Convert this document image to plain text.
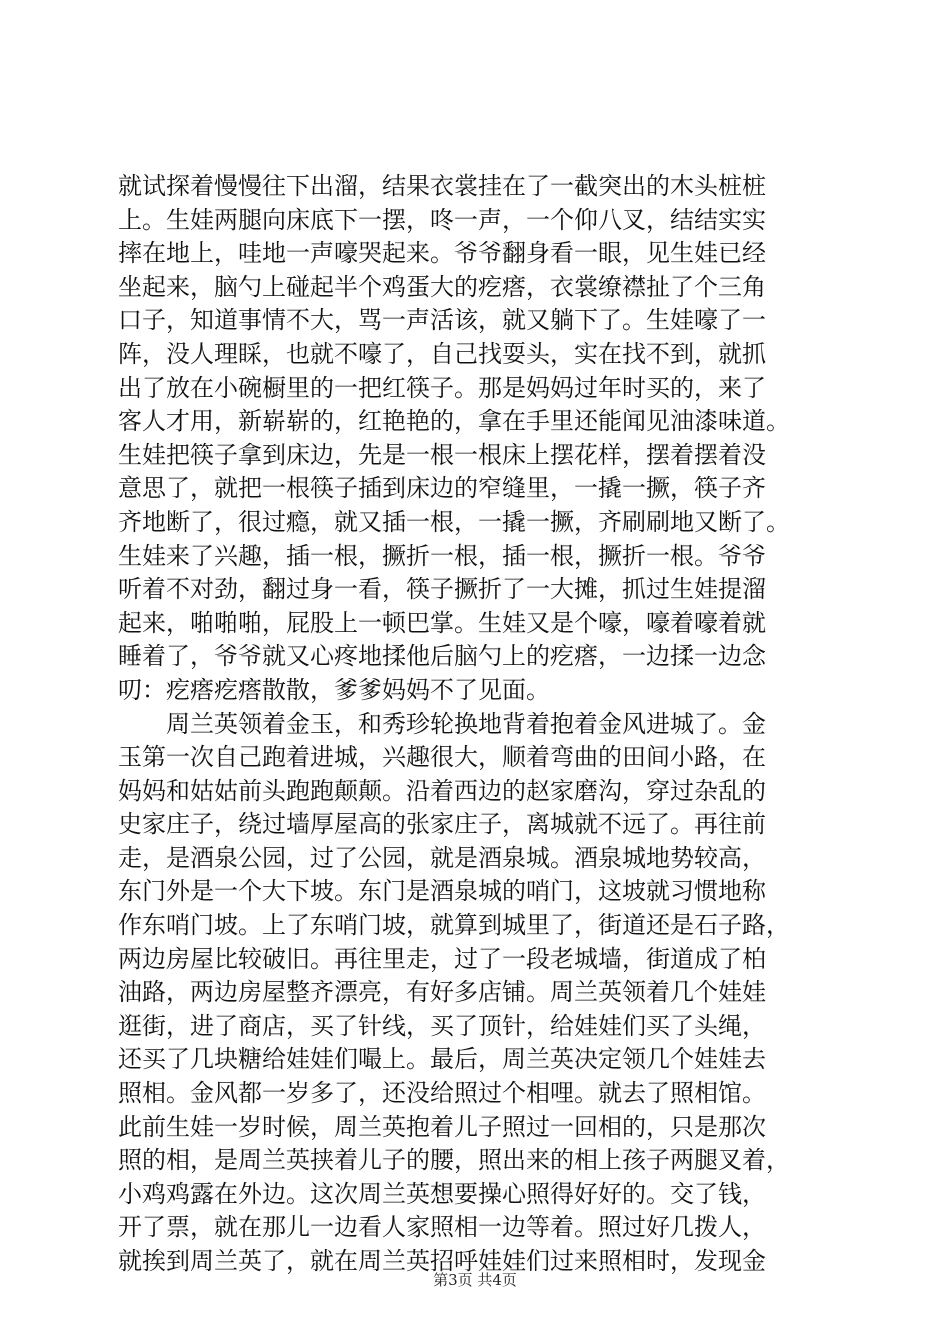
就试探着慢慢往下出溜，结果衣裳挂在了一截突出的木头桩桩
上。生娃两腿向床底下一摆，咚一声，一个仰八叉，结结实实
摔在地上，哇地一声嚎哭起来。爷爷翻身看一眼，见生娃已经
坐起来，脑勺上碰起半个鸡蛋大的疙瘩，衣裳缭襟扯了个三角
口子，知道事情不大，骂一声活该，就又躺下了。生娃嚎了一
阵，没人理睬，也就不嚎了，自己找耍头，实在找不到，就抓
出了放在小碗橱里的一把红筷子。那是妈妈过年时买的，来了
客人才用，新崭崭的，红艳艳的，拿在手里还能闻见油漆味道。
生娃把筷子拿到床边，先是一根一根床上摆花样，摆着摆着没
意思了，就把一根筷子插到床边的窄缝里，一撬一撅，筷子齐
齐地断了，很过瘾，就又插一根，一撬一撅，齐刷刷地又断了。
生娃来了兴趣，插一根，撅折一根，插一根，撅折一根。爷爷
听着不对劲，翻过身一看，筷子撅折了一大摊，抓过生娃提溜
起来，啪啪啪，屁股上一顿巴掌。生娃又是个嚎，嚎着嚎着就
睡着了，爷爷就又心疼地揉他后脑勺上的疙瘩，一边揉一边念
叨：疙瘩疙瘩散散，爹爹妈妈不了见面。
　　周兰英领着金玉，和秀珍轮换地背着抱着金风进城了。金
玉第一次自己跑着进城，兴趣很大，顺着弯曲的田间小路，在
妈妈和姑姑前头跑跑颠颠。沿着西边的赵家磨沟，穿过杂乱的
史家庄子，绕过墙厚屋高的张家庄子，离城就不远了。再往前
走，是酒泉公园，过了公园，就是酒泉城。酒泉城地势较高，
东门外是一个大下坡。东门是酒泉城的哨门，这坡就习惯地称
作东哨门坡。上了东哨门坡，就算到城里了，街道还是石子路，
两边房屋比较破旧。再往里走，过了一段老城墙，街道成了柏
油路，两边房屋整齐漂亮，有好多店铺。周兰英领着几个娃娃
逛街，进了商店，买了针线，买了顶针，给娃娃们买了头绳，
还买了几块糖给娃娃们嘬上。最后，周兰英决定领几个娃娃去
照相。金风都一岁多了，还没给照过个相哩。就去了照相馆。
此前生娃一岁时候，周兰英抱着儿子照过一回相的，只是那次
照的相，是周兰英挟着儿子的腰，照出来的相上孩子两腿叉着，
小鸡鸡露在外边。这次周兰英想要操心照得好好的。交了钱，
开了票，就在那儿一边看人家照相一边等着。照过好几拨人，
就挨到周兰英了，就在周兰英招呼娃娃们过来照相时，发现金
第3页 共4页
